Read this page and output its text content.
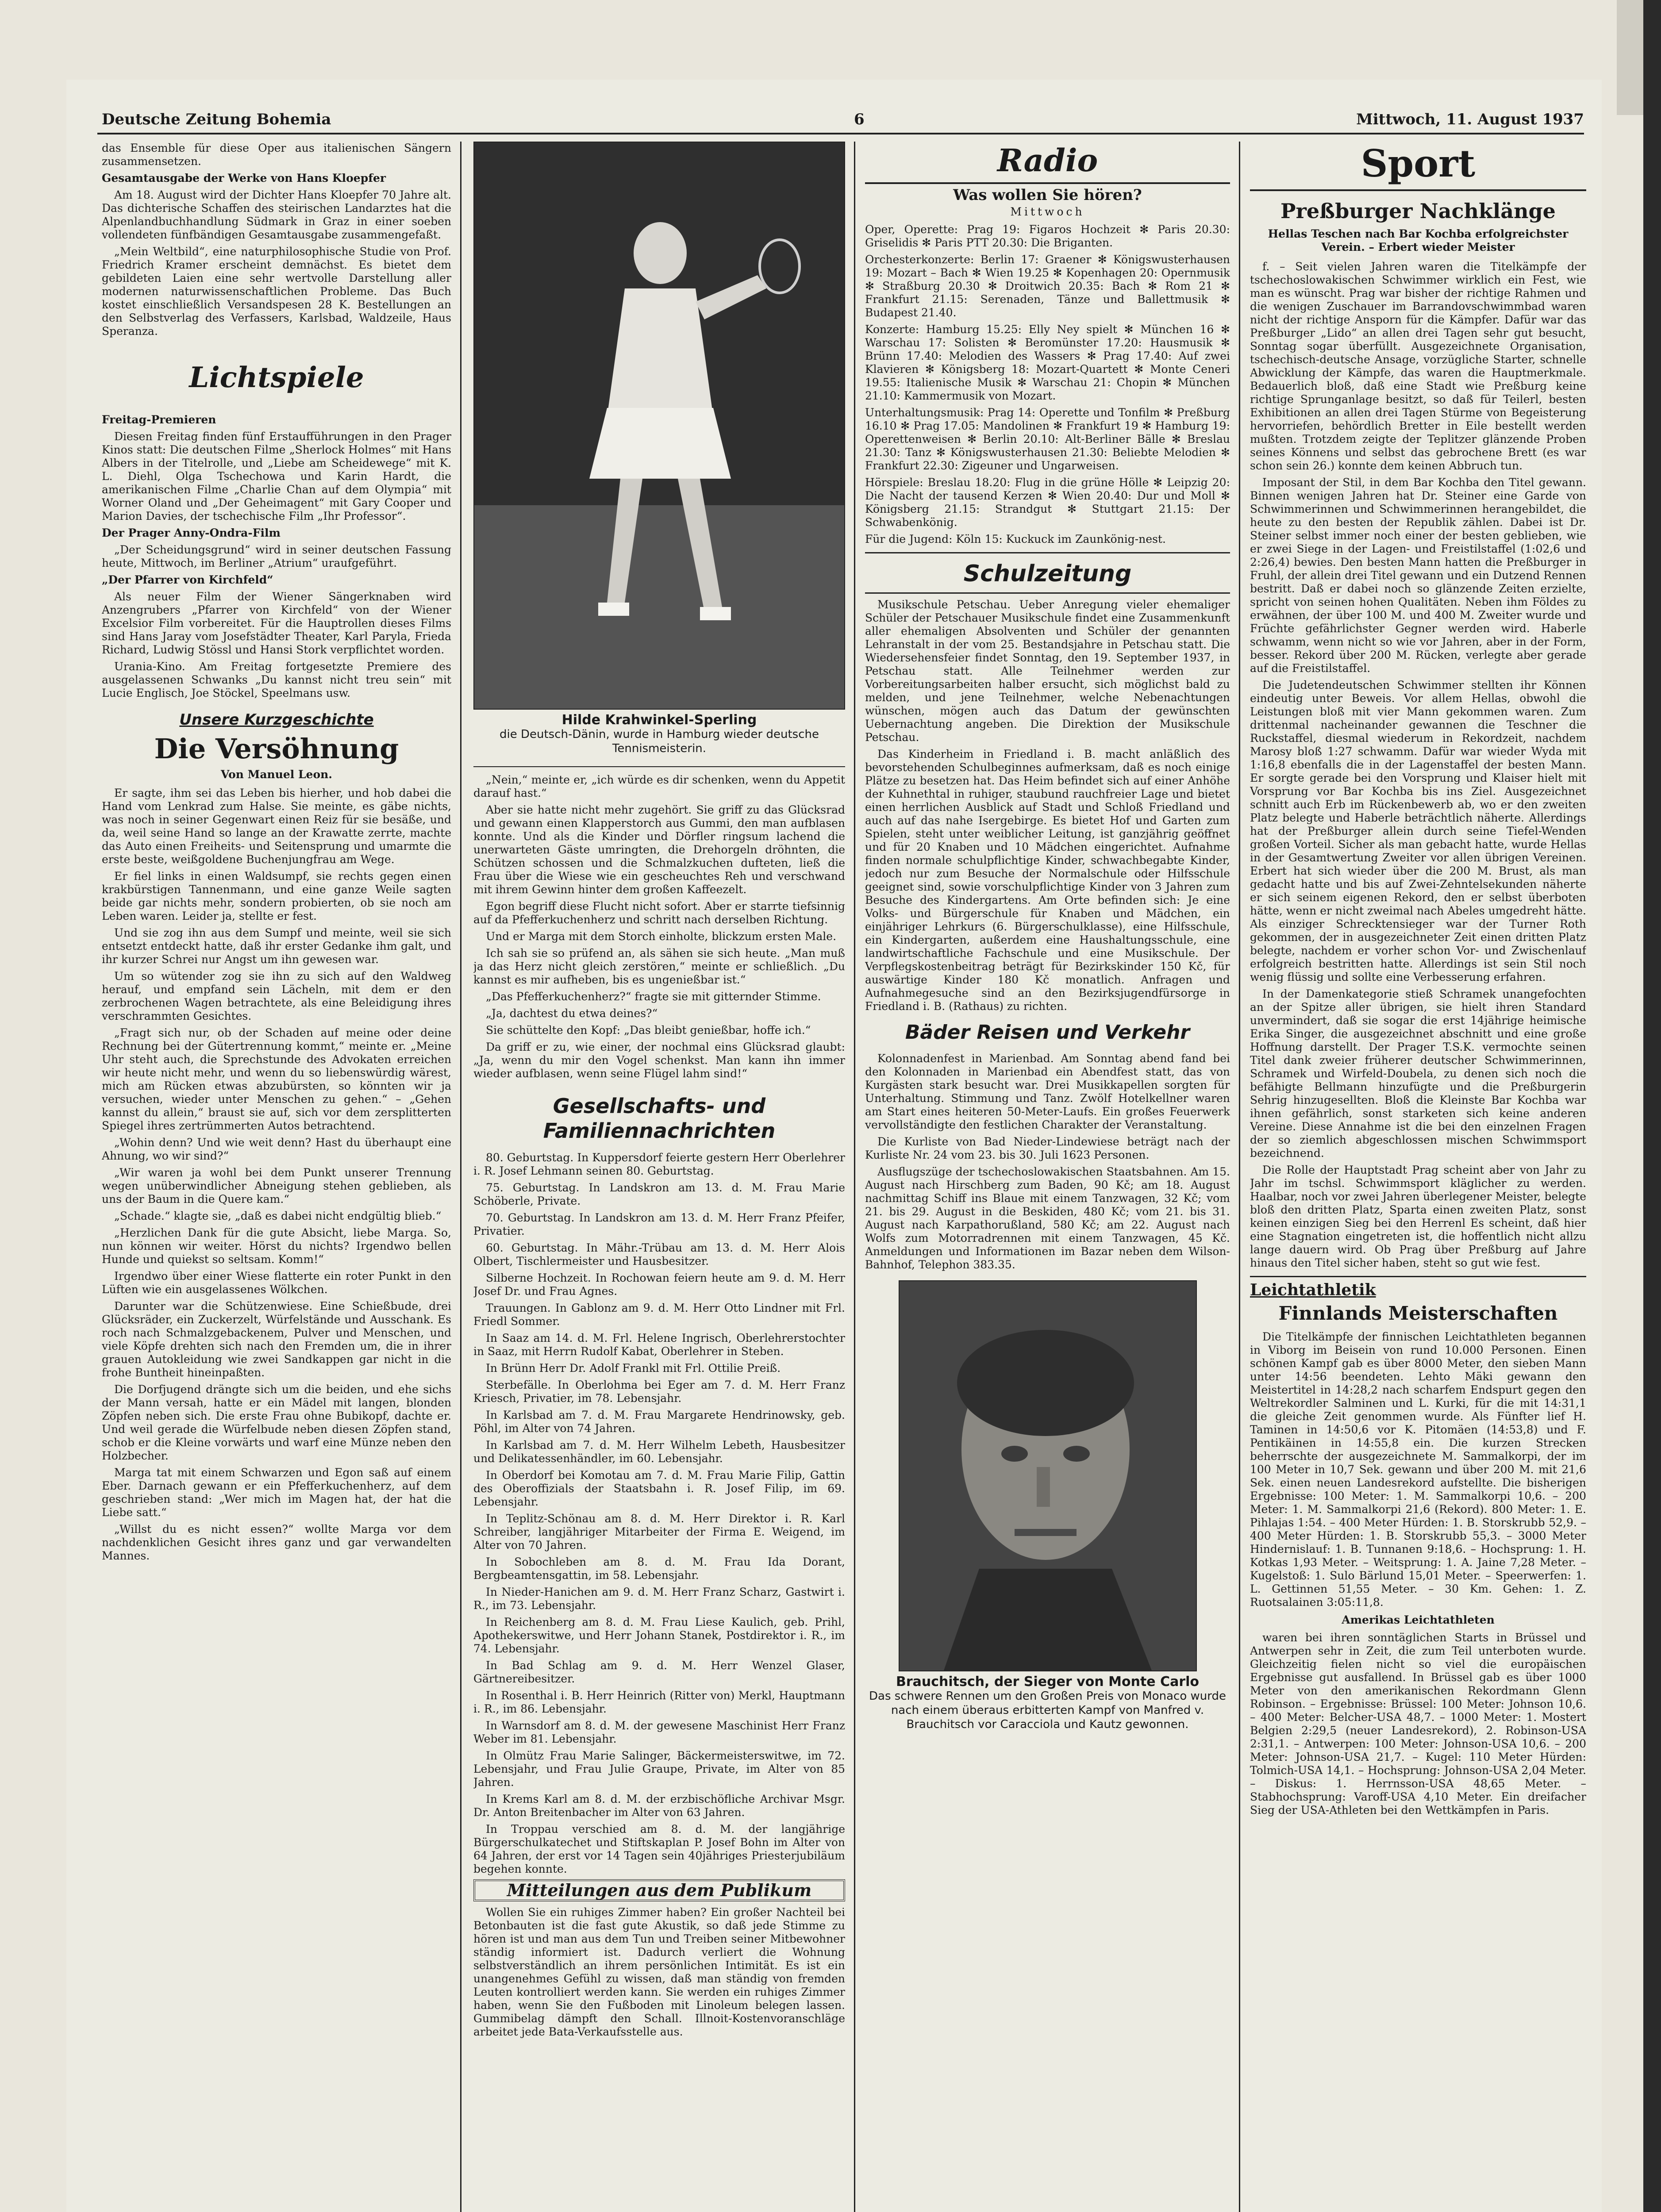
Deutsche Zeitung Bohemia	6	Mittwoch, 11. August 1937

das Ensemble für diese Oper aus italienischen Sängern zusammensetzen.

Gesamtausgabe der Werke von Hans Kloepfer

Am 18. August wird der Dichter Hans Kloepfer 70 Jahre alt. Das dichterische Schaffen des steirischen Landarztes hat die Alpenlandbuchhandlung Südmark in Graz in einer soeben vollendeten fünfbändigen Gesamtausgabe zusammengefaßt.

„Mein Weltbild“, eine naturphilosophische Studie von Prof. Friedrich Kramer erscheint demnächst. Es bietet dem gebildeten Laien eine sehr wertvolle Darstellung aller modernen naturwissenschaftlichen Probleme. Das Buch kostet einschließlich Versandspesen 28 K. Bestellungen an den Selbstverlag des Verfassers, Karlsbad, Waldzeile, Haus Speranza.

Lichtspiele

Freitag-Premieren

Diesen Freitag finden fünf Erstaufführungen in den Prager Kinos statt: Die deutschen Filme „Sherlock Holmes“ mit Hans Albers in der Titelrolle, und „Liebe am Scheidewege“ mit K. L. Diehl, Olga Tschechowa und Karin Hardt, die amerikanischen Filme „Charlie Chan auf dem Olympia“ mit Worner Oland und „Der Geheimagent“ mit Gary Cooper und Marion Davies, der tschechische Film „Ihr Professor“.

Der Prager Anny-Ondra-Film

„Der Scheidungsgrund“ wird in seiner deutschen Fassung heute, Mittwoch, im Berliner „Atrium“ uraufgeführt.

„Der Pfarrer von Kirchfeld“

Als neuer Film der Wiener Sängerknaben wird Anzengrubers „Pfarrer von Kirchfeld“ von der Wiener Excelsior Film vorbereitet. Für die Hauptrollen dieses Films sind Hans Jaray vom Josefstädter Theater, Karl Paryla, Frieda Richard, Ludwig Stössl und Hansi Stork verpflichtet worden.

Urania-Kino. Am Freitag fortgesetzte Premiere des ausgelassenen Schwanks „Du kannst nicht treu sein“ mit Lucie Englisch, Joe Stöckel, Speelmans usw.

Unsere Kurzgeschichte
Die Versöhnung
Von Manuel Leon.

Er sagte, ihm sei das Leben bis hierher, und hob dabei die Hand vom Lenkrad zum Halse. Sie meinte, es gäbe nichts, was noch in seiner Gegenwart einen Reiz für sie besäße, und da, weil seine Hand so lange an der Krawatte zerrte, machte das Auto einen Freiheits- und Seitensprung und umarmte die erste beste, weißgoldene Buchenjungfrau am Wege.

Er fiel links in einen Waldsumpf, sie rechts gegen einen krakbürstigen Tannenmann, und eine ganze Weile sagten beide gar nichts mehr, sondern probierten, ob sie noch am Leben waren. Leider ja, stellte er fest.

Und sie zog ihn aus dem Sumpf und meinte, weil sie sich entsetzt entdeckt hatte, daß ihr erster Gedanke ihm galt, und ihr kurzer Schrei nur Angst um ihn gewesen war.

Um so wütender zog sie ihn zu sich auf den Waldweg herauf, und empfand sein Lächeln, mit dem er den zerbrochenen Wagen betrachtete, als eine Beleidigung ihres verschrammten Gesichtes.

„Fragt sich nur, ob der Schaden auf meine oder deine Rechnung bei der Gütertrennung kommt,“ meinte er. „Meine Uhr steht auch, die Sprechstunde des Advokaten erreichen wir heute nicht mehr, und wenn du so liebenswürdig wärest, mich am Rücken etwas abzubürsten, so könnten wir ja versuchen, wieder unter Menschen zu gehen.“ – „Gehen kannst du allein,“ braust sie auf, sich vor dem zersplitterten Spiegel ihres zertrümmerten Autos betrachtend.

„Wohin denn? Und wie weit denn? Hast du überhaupt eine Ahnung, wo wir sind?“

„Wir waren ja wohl bei dem Punkt unserer Trennung wegen unüberwindlicher Abneigung stehen geblieben, als uns der Baum in die Quere kam.“

„Schade.“ klagte sie, „daß es dabei nicht endgültig blieb.“

„Herzlichen Dank für die gute Absicht, liebe Marga. So, nun können wir weiter. Hörst du nichts? Irgendwo bellen Hunde und quiekst so seltsam. Komm!“

Irgendwo über einer Wiese flatterte ein roter Punkt in den Lüften wie ein ausgelassenes Wölkchen.

Darunter war die Schützenwiese. Eine Schießbude, drei Glücksräder, ein Zuckerzelt, Würfelstände und Ausschank. Es roch nach Schmalzgebackenem, Pulver und Menschen, und viele Köpfe drehten sich nach den Fremden um, die in ihrer grauen Autokleidung wie zwei Sandkappen gar nicht in die frohe Buntheit hineinpaßten.

Die Dorfjugend drängte sich um die beiden, und ehe sichs der Mann versah, hatte er ein Mädel mit langen, blonden Zöpfen neben sich. Die erste Frau ohne Bubikopf, dachte er. Und weil gerade die Würfelbude neben diesen Zöpfen stand, schob er die Kleine vorwärts und warf eine Münze neben den Holzbecher.

Marga tat mit einem Schwarzen und Egon saß auf einem Eber. Darnach gewann er ein Pfefferkuchenherz, auf dem geschrieben stand: „Wer mich im Magen hat, der hat die Liebe satt.“

„Willst du es nicht essen?“ wollte Marga vor dem nachdenklichen Gesicht ihres ganz und gar verwandelten Mannes.

Hilde Krahwinkel-Sperling
die Deutsch-Dänin, wurde in Hamburg wieder deutsche Tennismeisterin.

„Nein,“ meinte er, „ich würde es dir schenken, wenn du Appetit darauf hast.“

Aber sie hatte nicht mehr zugehört. Sie griff zu das Glücksrad und gewann einen Klapperstorch aus Gummi, den man aufblasen konnte. Und als die Kinder und Dörfler ringsum lachend die unerwarteten Gäste umringten, die Drehorgeln dröhnten, die Schützen schossen und die Schmalzkuchen dufteten, ließ die Frau über die Wiese wie ein gescheuchtes Reh und verschwand mit ihrem Gewinn hinter dem großen Kaffeezelt.

Egon begriff diese Flucht nicht sofort. Aber er starrte tiefsinnig auf da Pfefferkuchenherz und schritt nach derselben Richtung.

Und er Marga mit dem Storch einholte, blickzum ersten Male.

Ich sah sie so prüfend an, als sähen sie sich heute. „Man muß ja das Herz nicht gleich zerstören,“ meinte er schließlich. „Du kannst es mir aufheben, bis es ungenießbar ist.“

„Das Pfefferkuchenherz?“ fragte sie mit gitternder Stimme.

„Ja, dachtest du etwa deines?“

Sie schüttelte den Kopf: „Das bleibt genießbar, hoffe ich.“

Da griff er zu, wie einer, der nochmal eins Glücksrad glaubt: „Ja, wenn du mir den Vogel schenkst. Man kann ihn immer wieder aufblasen, wenn seine Flügel lahm sind!“

Gesellschafts- und Familiennachrichten

80. Geburtstag. In Kuppersdorf feierte gestern Herr Oberlehrer i. R. Josef Lehmann seinen 80. Geburtstag.

75. Geburtstag. In Landskron am 13. d. M. Frau Marie Schöberle, Private.

70. Geburtstag. In Landskron am 13. d. M. Herr Franz Pfeifer, Privatier.

60. Geburtstag. In Mähr.-Trübau am 13. d. M. Herr Alois Olbert, Tischlermeister und Hausbesitzer.

Silberne Hochzeit. In Rochowan feiern heute am 9. d. M. Herr Josef Dr. und Frau Agnes.

Trauungen. In Gablonz am 9. d. M. Herr Otto Lindner mit Frl. Friedl Sommer.

In Saaz am 14. d. M. Frl. Helene Ingrisch, Oberlehrerstochter in Saaz, mit Herrn Rudolf Kabat, Oberlehrer in Steben.

In Brünn Herr Dr. Adolf Frankl mit Frl. Ottilie Preiß.

Sterbefälle. In Oberlohma bei Eger am 7. d. M. Herr Franz Kriesch, Privatier, im 78. Lebensjahr.

In Karlsbad am 7. d. M. Frau Margarete Hendrinowsky, geb. Pöhl, im Alter von 74 Jahren.

In Karlsbad am 7. d. M. Herr Wilhelm Lebeth, Hausbesitzer und Delikatessenhändler, im 60. Lebensjahr.

In Oberdorf bei Komotau am 7. d. M. Frau Marie Filip, Gattin des Oberoffizials der Staatsbahn i. R. Josef Filip, im 69. Lebensjahr.

In Teplitz-Schönau am 8. d. M. Herr Direktor i. R. Karl Schreiber, langjähriger Mitarbeiter der Firma E. Weigend, im Alter von 70 Jahren.

In Sobochleben am 8. d. M. Frau Ida Dorant, Bergbeamtensgattin, im 58. Lebensjahr.

In Nieder-Hanichen am 9. d. M. Herr Franz Scharz, Gastwirt i. R., im 73. Lebensjahr.

In Reichenberg am 8. d. M. Frau Liese Kaulich, geb. Prihl, Apothekerswitwe, und Herr Johann Stanek, Postdirektor i. R., im 74. Lebensjahr.

In Bad Schlag am 9. d. M. Herr Wenzel Glaser, Gärtnereibesitzer.

In Rosenthal i. B. Herr Heinrich (Ritter von) Merkl, Hauptmann i. R., im 86. Lebensjahr.

In Warnsdorf am 8. d. M. der gewesene Maschinist Herr Franz Weber im 81. Lebensjahr.

In Olmütz Frau Marie Salinger, Bäckermeisterswitwe, im 72. Lebensjahr, und Frau Julie Graupe, Private, im Alter von 85 Jahren.

In Krems Karl am 8. d. M. der erzbischöfliche Archivar Msgr. Dr. Anton Breitenbacher im Alter von 63 Jahren.

In Troppau verschied am 8. d. M. der langjährige Bürgerschulkatechet und Stiftskaplan P. Josef Bohn im Alter von 64 Jahren, der erst vor 14 Tagen sein 40jähriges Priesterjubiläum begehen konnte.

Mitteilungen aus dem Publikum

Wollen Sie ein ruhiges Zimmer haben? Ein großer Nachteil bei Betonbauten ist die fast gute Akustik, so daß jede Stimme zu hören ist und man aus dem Tun und Treiben seiner Mitbewohner ständig informiert ist. Dadurch verliert die Wohnung selbstverständlich an ihrem persönlichen Intimität. Es ist ein unangenehmes Gefühl zu wissen, daß man ständig von fremden Leuten kontrolliert werden kann. Sie werden ein ruhiges Zimmer haben, wenn Sie den Fußboden mit Linoleum belegen lassen. Gummibelag dämpft den Schall. Illnoit-Kostenvoranschläge arbeitet jede Bata-Verkaufsstelle aus.

Radio
Was wollen Sie hören?
Mittwoch

Oper, Operette: Prag 19: Figaros Hochzeit ✻ Paris 20.30: Griselidis ✻ Paris PTT 20.30: Die Briganten.

Orchesterkonzerte: Berlin 17: Graener ✻ Königswusterhausen 19: Mozart – Bach ✻ Wien 19.25 ✻ Kopenhagen 20: Opernmusik ✻ Straßburg 20.30 ✻ Droitwich 20.35: Bach ✻ Rom 21 ✻ Frankfurt 21.15: Serenaden, Tänze und Ballettmusik ✻ Budapest 21.40.

Konzerte: Hamburg 15.25: Elly Ney spielt ✻ München 16 ✻ Warschau 17: Solisten ✻ Beromünster 17.20: Hausmusik ✻ Brünn 17.40: Melodien des Wassers ✻ Prag 17.40: Auf zwei Klavieren ✻ Königsberg 18: Mozart-Quartett ✻ Monte Ceneri 19.55: Italienische Musik ✻ Warschau 21: Chopin ✻ München 21.10: Kammermusik von Mozart.

Unterhaltungsmusik: Prag 14: Operette und Tonfilm ✻ Preßburg 16.10 ✻ Prag 17.05: Mandolinen ✻ Frankfurt 19 ✻ Hamburg 19: Operettenweisen ✻ Berlin 20.10: Alt-Berliner Bälle ✻ Breslau 21.30: Tanz ✻ Königswusterhausen 21.30: Beliebte Melodien ✻ Frankfurt 22.30: Zigeuner und Ungarweisen.

Hörspiele: Breslau 18.20: Flug in die grüne Hölle ✻ Leipzig 20: Die Nacht der tausend Kerzen ✻ Wien 20.40: Dur und Moll ✻ Königsberg 21.15: Strandgut ✻ Stuttgart 21.15: Der Schwabenkönig.

Für die Jugend: Köln 15: Kuckuck im Zaunkönig-nest.

Schulzeitung

Musikschule Petschau. Ueber Anregung vieler ehemaliger Schüler der Petschauer Musikschule findet eine Zusammenkunft aller ehemaligen Absolventen und Schüler der genannten Lehranstalt in der vom 25. Bestandsjahre in Petschau statt. Die Wiedersehensfeier findet Sonntag, den 19. September 1937, in Petschau statt. Alle Teilnehmer werden zur Vorbereitungsarbeiten halber ersucht, sich möglichst bald zu melden, und jene Teilnehmer, welche Nebenachtungen wünschen, mögen auch das Datum der gewünschten Uebernachtung angeben. Die Direktion der Musikschule Petschau.

Das Kinderheim in Friedland i. B. macht anläßlich des bevorstehenden Schulbeginnes aufmerksam, daß es noch einige Plätze zu besetzen hat. Das Heim befindet sich auf einer Anhöhe der Kuhnethtal in ruhiger, staubund rauchfreier Lage und bietet einen herrlichen Ausblick auf Stadt und Schloß Friedland und auch auf das nahe Isergebirge. Es bietet Hof und Garten zum Spielen, steht unter weiblicher Leitung, ist ganzjährig geöffnet und für 20 Knaben und 10 Mädchen eingerichtet. Aufnahme finden normale schulpflichtige Kinder, schwachbegabte Kinder, jedoch nur zum Besuche der Normalschule oder Hilfsschule geeignet sind, sowie vorschulpflichtige Kinder von 3 Jahren zum Besuche des Kindergartens. Am Orte befinden sich: Je eine Volks- und Bürgerschule für Knaben und Mädchen, ein einjähriger Lehrkurs (6. Bürgerschulklasse), eine Hilfsschule, ein Kindergarten, außerdem eine Haushaltungsschule, eine landwirtschaftliche Fachschule und eine Musikschule. Der Verpflegskostenbeitrag beträgt für Bezirkskinder 150 Kč, für auswärtige Kinder 180 Kč monatlich. Anfragen und Aufnahmegesuche sind an den Bezirksjugendfürsorge in Friedland i. B. (Rathaus) zu richten.

Bäder Reisen und Verkehr

Kolonnadenfest in Marienbad. Am Sonntag abend fand bei den Kolonnaden in Marienbad ein Abendfest statt, das von Kurgästen stark besucht war. Drei Musikkapellen sorgten für Unterhaltung. Stimmung und Tanz. Zwölf Hotelkellner waren am Start eines heiteren 50-Meter-Laufs. Ein großes Feuerwerk vervollständigte den festlichen Charakter der Veranstaltung.

Die Kurliste von Bad Nieder-Lindewiese beträgt nach der Kurliste Nr. 24 vom 23. bis 30. Juli 1623 Personen.

Ausflugszüge der tschechoslowakischen Staatsbahnen. Am 15. August nach Hirschberg zum Baden, 90 Kč; am 18. August nachmittag Schiff ins Blaue mit einem Tanzwagen, 32 Kč; vom 21. bis 29. August in die Beskiden, 480 Kč; vom 21. bis 31. August nach Karpathorußland, 580 Kč; am 22. August nach Wolfs zum Motorradrennen mit einem Tanzwagen, 45 Kč. Anmeldungen und Informationen im Bazar neben dem Wilson-Bahnhof, Telephon 383.35.

Brauchitsch, der Sieger von Monte Carlo
Das schwere Rennen um den Großen Preis von Monaco wurde nach einem überaus erbitterten Kampf von Manfred v. Brauchitsch vor Caracciola und Kautz gewonnen.
Sport
Preßburger Nachklänge
Hellas Teschen nach Bar Kochba erfolgreichster Verein. – Erbert wieder Meister

f. – Seit vielen Jahren waren die Titelkämpfe der tschechoslowakischen Schwimmer wirklich ein Fest, wie man es wünscht. Prag war bisher der richtige Rahmen und die wenigen Zuschauer im Barrandovschwimmbad waren nicht der richtige Ansporn für die Kämpfer. Dafür war das Preßburger „Lido“ an allen drei Tagen sehr gut besucht, Sonntag sogar überfüllt. Ausgezeichnete Organisation, tschechisch-deutsche Ansage, vorzügliche Starter, schnelle Abwicklung der Kämpfe, das waren die Hauptmerkmale. Bedauerlich bloß, daß eine Stadt wie Preßburg keine richtige Sprunganlage besitzt, so daß für Teilerl, besten Exhibitionen an allen drei Tagen Stürme von Begeisterung hervorriefen, behördlich Bretter in Eile bestellt werden mußten. Trotzdem zeigte der Teplitzer glänzende Proben seines Könnens und selbst das gebrochene Brett (es war schon sein 26.) konnte dem keinen Abbruch tun.

Imposant der Stil, in dem Bar Kochba den Titel gewann. Binnen wenigen Jahren hat Dr. Steiner eine Garde von Schwimmerinnen und Schwimmerinnen herangebildet, die heute zu den besten der Republik zählen. Dabei ist Dr. Steiner selbst immer noch einer der besten geblieben, wie er zwei Siege in der Lagen- und Freistilstaffel (1:02,6 und 2:26,4) bewies. Den besten Mann hatten die Preßburger in Fruhl, der allein drei Titel gewann und ein Dutzend Rennen bestritt. Daß er dabei noch so glänzende Zeiten erzielte, spricht von seinen hohen Qualitäten. Neben ihm Földes zu erwähnen, der über 100 M. und 400 M. Zweiter wurde und Früchte gefährlichster Gegner werden wird. Haberle schwamm, wenn nicht so wie vor Jahren, aber in der Form, besser. Rekord über 200 M. Rücken, verlegte aber gerade auf die Freistilstaffel.

Die Judetendeutschen Schwimmer stellten ihr Können eindeutig unter Beweis. Vor allem Hellas, obwohl die Leistungen bloß mit vier Mann gekommen waren. Zum drittenmal nacheinander gewannen die Teschner die Ruckstaffel, diesmal wiederum in Rekordzeit, nachdem Marosy bloß 1:27 schwamm. Dafür war wieder Wyda mit 1:16,8 ebenfalls die in der Lagenstaffel der besten Mann. Er sorgte gerade bei den Vorsprung und Klaiser hielt mit Vorsprung vor Bar Kochba bis ins Ziel. Ausgezeichnet schnitt auch Erb im Rückenbewerb ab, wo er den zweiten Platz belegte und Haberle beträchtlich näherte. Allerdings hat der Preßburger allein durch seine Tiefel-Wenden großen Vorteil. Sicher als man gebacht hatte, wurde Hellas in der Gesamtwertung Zweiter vor allen übrigen Vereinen. Erbert hat sich wieder über die 200 M. Brust, als man gedacht hatte und bis auf Zwei-Zehntelsekunden näherte er sich seinem eigenen Rekord, den er selbst überboten hätte, wenn er nicht zweimal nach Abeles umgedreht hätte. Als einziger Schrecktensieger war der Turner Roth gekommen, der in ausgezeichneter Zeit einen dritten Platz belegte, nachdem er vorher schon Vor- und Zwischenlauf erfolgreich bestritten hatte. Allerdings ist sein Stil noch wenig flüssig und sollte eine Verbesserung erfahren.

In der Damenkategorie stieß Schramek unangefochten an der Spitze aller übrigen, sie hielt ihren Standard unvermindert, daß sie sogar die erst 14jährige heimische Erika Singer, die ausgezeichnet abschnitt und eine große Hoffnung darstellt. Der Prager T.S.K. vermochte seinen Titel dank zweier früherer deutscher Schwimmerinnen, Schramek und Wirfeld-Doubela, zu denen sich noch die befähigte Bellmann hinzufügte und die Preßburgerin Sehrig hinzugesellten. Bloß die Kleinste Bar Kochba war ihnen gefährlich, sonst starketen sich keine anderen Vereine. Diese Annahme ist die bei den einzelnen Fragen der so ziemlich abgeschlossen mischen Schwimmsport bezeichnend.

Die Rolle der Hauptstadt Prag scheint aber von Jahr zu Jahr im tschsl. Schwimmsport kläglicher zu werden. Haalbar, noch vor zwei Jahren überlegener Meister, belegte bloß den dritten Platz, Sparta einen zweiten Platz, sonst keinen einzigen Sieg bei den Herrenl Es scheint, daß hier eine Stagnation eingetreten ist, die hoffentlich nicht allzu lange dauern wird. Ob Prag über Preßburg auf Jahre hinaus den Titel sicher haben, steht so gut wie fest.

Leichtathletik
Finnlands Meisterschaften

Die Titelkämpfe der finnischen Leichtathleten begannen in Viborg im Beisein von rund 10.000 Personen. Einen schönen Kampf gab es über 8000 Meter, den sieben Mann unter 14:56 beendeten. Lehto Mäki gewann den Meistertitel in 14:28,2 nach scharfem Endspurt gegen den Weltrekordler Salminen und L. Kurki, für die mit 14:31,1 die gleiche Zeit genommen wurde. Als Fünfter lief H. Taminen in 14:50,6 vor K. Pitomäen (14:53,8) und F. Pentikäinen in 14:55,8 ein. Die kurzen Strecken beherrschte der ausgezeichnete M. Sammalkorpi, der im 100 Meter in 10,7 Sek. gewann und über 200 M. mit 21,6 Sek. einen neuen Landesrekord aufstellte. Die bisherigen Ergebnisse: 100 Meter: 1. M. Sammalkorpi 10,6. – 200 Meter: 1. M. Sammalkorpi 21,6 (Rekord). 800 Meter: 1. E. Pihlajas 1:54. – 400 Meter Hürden: 1. B. Storskrubb 52,9. – 400 Meter Hürden: 1. B. Storskrubb 55,3. – 3000 Meter Hindernislauf: 1. B. Tunnanen 9:18,6. – Hochsprung: 1. H. Kotkas 1,93 Meter. – Weitsprung: 1. A. Jaine 7,28 Meter. – Kugelstoß: 1. Sulo Bärlund 15,01 Meter. – Speerwerfen: 1. L. Gettinnen 51,55 Meter. – 30 Km. Gehen: 1. Z. Ruotsalainen 3:05:11,8.

Amerikas Leichtathleten

waren bei ihren sonntäglichen Starts in Brüssel und Antwerpen sehr in Zeit, die zum Teil unterboten wurde. Gleichzeitig fielen nicht so viel die europäischen Ergebnisse gut ausfallend. In Brüssel gab es über 1000 Meter von den amerikanischen Rekordmann Glenn Robinson. – Ergebnisse: Brüssel: 100 Meter: Johnson 10,6. – 400 Meter: Belcher-USA 48,7. – 1000 Meter: 1. Mostert Belgien 2:29,5 (neuer Landesrekord), 2. Robinson-USA 2:31,1. – Antwerpen: 100 Meter: Johnson-USA 10,6. – 200 Meter: Johnson-USA 21,7. – Kugel: 110 Meter Hürden: Tolmich-USA 14,1. – Hochsprung: Johnson-USA 2,04 Meter. – Diskus: 1. Herrnsson-USA 48,65 Meter. – Stabhochsprung: Varoff-USA 4,10 Meter. Ein dreifacher Sieg der USA-Athleten bei den Wettkämpfen in Paris.
